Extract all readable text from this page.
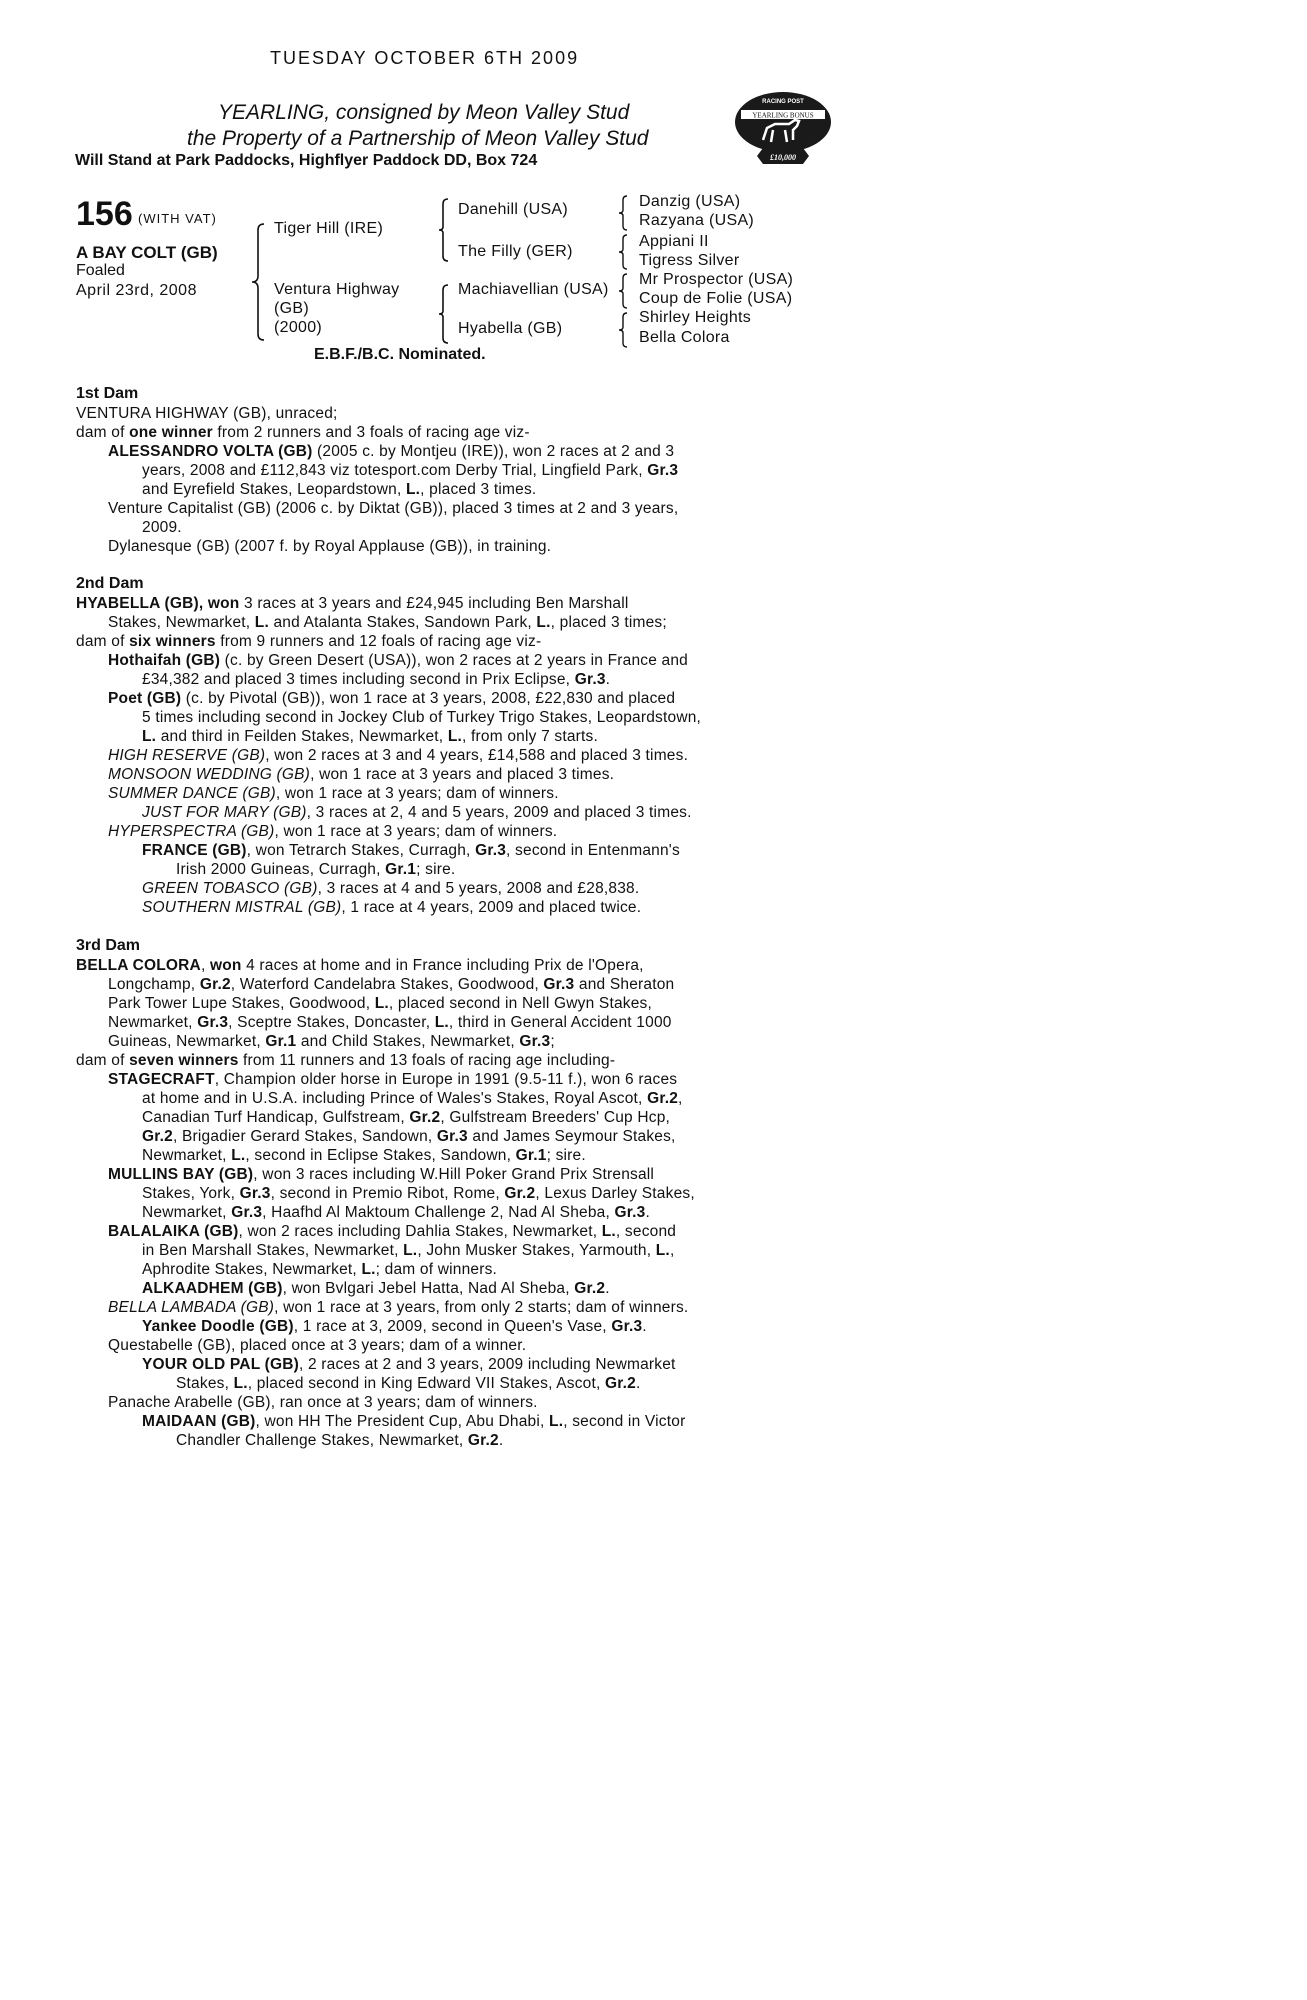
TUESDAY OCTOBER 6TH 2009
YEARLING, consigned by Meon Valley Stud
the Property of a Partnership of Meon Valley Stud
Will Stand at Park Paddocks, Highflyer Paddock DD, Box 724
RACING POST
YEARLING BONUS
£10,000
156 (WITH VAT)
A BAY COLT (GB)
Foaled
April 23rd, 2008
Tiger Hill (IRE)
Ventura Highway
(GB)
(2000)
Danehill (USA)
The Filly (GER)
Machiavellian (USA)
Hyabella (GB)
Danzig (USA)
Razyana (USA)
Appiani II
Tigress Silver
Mr Prospector (USA)
Coup de Folie (USA)
Shirley Heights
Bella Colora
E.B.F./B.C. Nominated.
1st Dam
VENTURA HIGHWAY (GB), unraced;
dam of one winner from 2 runners and 3 foals of racing age viz-
ALESSANDRO VOLTA (GB) (2005 c. by Montjeu (IRE)), won 2 races at 2 and 3
years, 2008 and £112,843 viz totesport.com Derby Trial, Lingfield Park, Gr.3
and Eyrefield Stakes, Leopardstown, L., placed 3 times.
Venture Capitalist (GB) (2006 c. by Diktat (GB)), placed 3 times at 2 and 3 years,
2009.
Dylanesque (GB) (2007 f. by Royal Applause (GB)), in training.
2nd Dam
HYABELLA (GB), won 3 races at 3 years and £24,945 including Ben Marshall
Stakes, Newmarket, L. and Atalanta Stakes, Sandown Park, L., placed 3 times;
dam of six winners from 9 runners and 12 foals of racing age viz-
Hothaifah (GB) (c. by Green Desert (USA)), won 2 races at 2 years in France and
£34,382 and placed 3 times including second in Prix Eclipse, Gr.3.
Poet (GB) (c. by Pivotal (GB)), won 1 race at 3 years, 2008, £22,830 and placed
5 times including second in Jockey Club of Turkey Trigo Stakes, Leopardstown,
L. and third in Feilden Stakes, Newmarket, L., from only 7 starts.
HIGH RESERVE (GB), won 2 races at 3 and 4 years, £14,588 and placed 3 times.
MONSOON WEDDING (GB), won 1 race at 3 years and placed 3 times.
SUMMER DANCE (GB), won 1 race at 3 years; dam of winners.
JUST FOR MARY (GB), 3 races at 2, 4 and 5 years, 2009 and placed 3 times.
HYPERSPECTRA (GB), won 1 race at 3 years; dam of winners.
FRANCE (GB), won Tetrarch Stakes, Curragh, Gr.3, second in Entenmann's
Irish 2000 Guineas, Curragh, Gr.1; sire.
GREEN TOBASCO (GB), 3 races at 4 and 5 years, 2008 and £28,838.
SOUTHERN MISTRAL (GB), 1 race at 4 years, 2009 and placed twice.
3rd Dam
BELLA COLORA, won 4 races at home and in France including Prix de l'Opera,
Longchamp, Gr.2, Waterford Candelabra Stakes, Goodwood, Gr.3 and Sheraton
Park Tower Lupe Stakes, Goodwood, L., placed second in Nell Gwyn Stakes,
Newmarket, Gr.3, Sceptre Stakes, Doncaster, L., third in General Accident 1000
Guineas, Newmarket, Gr.1 and Child Stakes, Newmarket, Gr.3;
dam of seven winners from 11 runners and 13 foals of racing age including-
STAGECRAFT, Champion older horse in Europe in 1991 (9.5-11 f.), won 6 races
at home and in U.S.A. including Prince of Wales's Stakes, Royal Ascot, Gr.2,
Canadian Turf Handicap, Gulfstream, Gr.2, Gulfstream Breeders' Cup Hcp,
Gr.2, Brigadier Gerard Stakes, Sandown, Gr.3 and James Seymour Stakes,
Newmarket, L., second in Eclipse Stakes, Sandown, Gr.1; sire.
MULLINS BAY (GB), won 3 races including W.Hill Poker Grand Prix Strensall
Stakes, York, Gr.3, second in Premio Ribot, Rome, Gr.2, Lexus Darley Stakes,
Newmarket, Gr.3, Haafhd Al Maktoum Challenge 2, Nad Al Sheba, Gr.3.
BALALAIKA (GB), won 2 races including Dahlia Stakes, Newmarket, L., second
in Ben Marshall Stakes, Newmarket, L., John Musker Stakes, Yarmouth, L.,
Aphrodite Stakes, Newmarket, L.; dam of winners.
ALKAADHEM (GB), won Bvlgari Jebel Hatta, Nad Al Sheba, Gr.2.
BELLA LAMBADA (GB), won 1 race at 3 years, from only 2 starts; dam of winners.
Yankee Doodle (GB), 1 race at 3, 2009, second in Queen's Vase, Gr.3.
Questabelle (GB), placed once at 3 years; dam of a winner.
YOUR OLD PAL (GB), 2 races at 2 and 3 years, 2009 including Newmarket
Stakes, L., placed second in King Edward VII Stakes, Ascot, Gr.2.
Panache Arabelle (GB), ran once at 3 years; dam of winners.
MAIDAAN (GB), won HH The President Cup, Abu Dhabi, L., second in Victor
Chandler Challenge Stakes, Newmarket, Gr.2.
